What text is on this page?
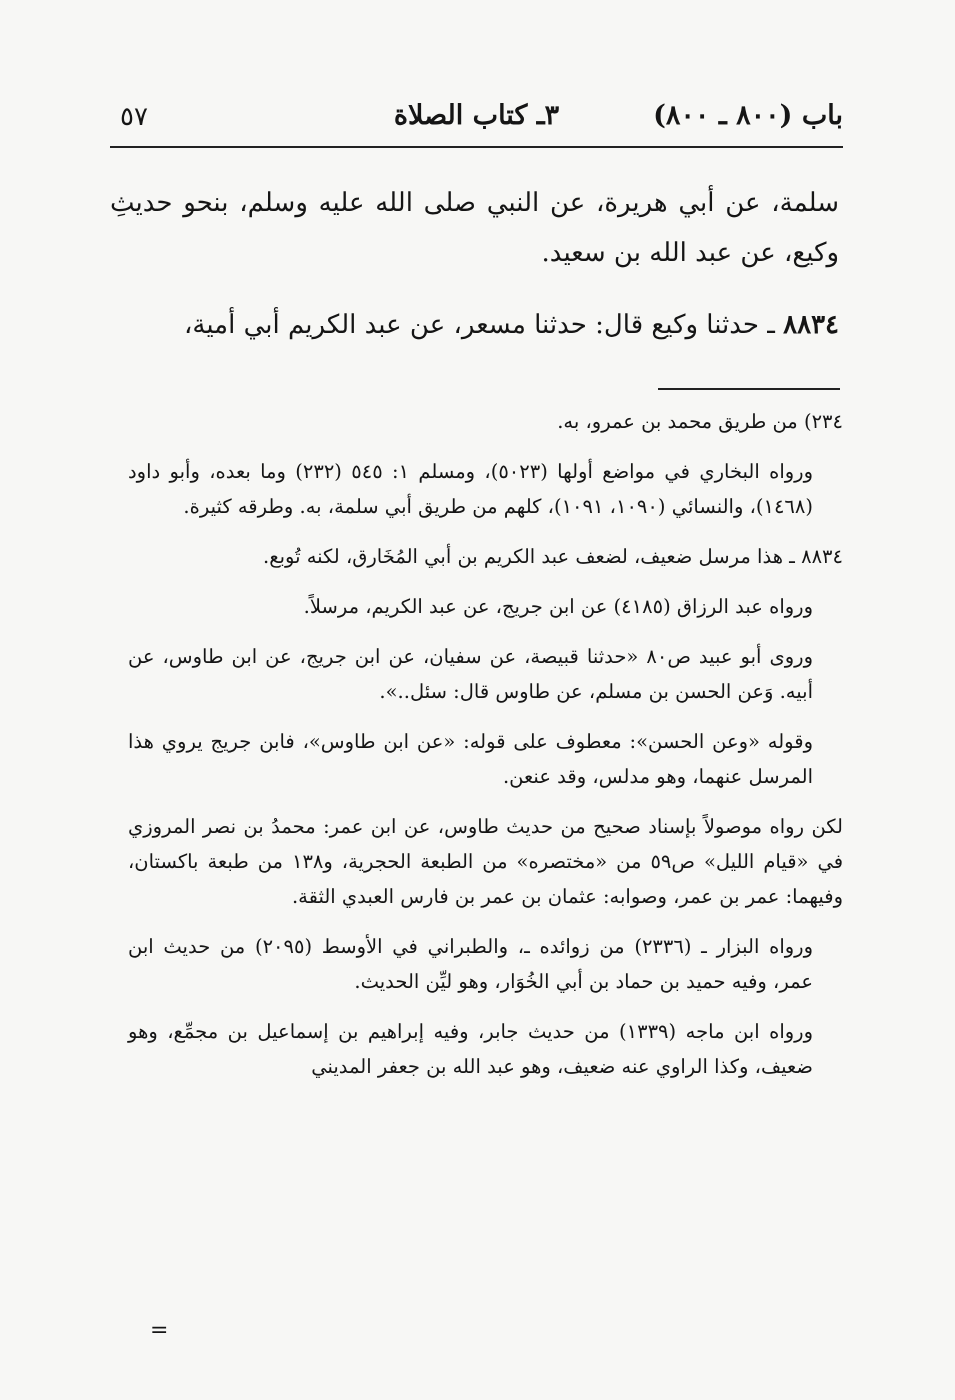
باب (٨٠٠ ـ ٨٠٠)
٣ـ كتاب الصلاة
٥٧

سلمة، عن أبي هريرة، عن النبي صلى الله عليه وسلم، بنحو حديثِ وكيع، عن عبد الله بن سعيد.

٨٨٣٤ ـ حدثنا وكيع قال: حدثنا مسعر، عن عبد الكريم أبي أمية،

٢٣٤) من طريق محمد بن عمرو، به.

ورواه البخاري في مواضع أولها (٥٠٢٣)، ومسلم ١: ٥٤٥ (٢٣٢) وما بعده، وأبو داود (١٤٦٨)، والنسائي (١٠٩٠، ١٠٩١)، كلهم من طريق أبي سلمة، به. وطرقه كثيرة.

٨٨٣٤ ـ هذا مرسل ضعيف، لضعف عبد الكريم بن أبي المُخَارق، لكنه تُوبع.

ورواه عبد الرزاق (٤١٨٥) عن ابن جريج، عن عبد الكريم، مرسلاً.

وروى أبو عبيد ص٨٠ «حدثنا قبيصة، عن سفيان، عن ابن جريج، عن ابن طاوس، عن أبيه. وَعن الحسن بن مسلم، عن طاوس قال: سئل..».

وقوله «وعن الحسن»: معطوف على قوله: «عن ابن طاوس»، فابن جريج يروي هذا المرسل عنهما، وهو مدلس، وقد عنعن.

لكن رواه موصولاً بإسناد صحيح من حديث طاوس، عن ابن عمر: محمدُ بن نصر المروزي في «قيام الليل» ص٥٩ من «مختصره» من الطبعة الحجرية، و١٣٨ من طبعة باكستان، وفيهما: عمر بن عمر، وصوابه: عثمان بن عمر بن فارس العبدي الثقة.

ورواه البزار ـ (٢٣٣٦) من زوائده ـ، والطبراني في الأوسط (٢٠٩٥) من حديث ابن عمر، وفيه حميد بن حماد بن أبي الخُوَار، وهو ليِّن الحديث.

ورواه ابن ماجه (١٣٣٩) من حديث جابر، وفيه إبراهيم بن إسماعيل بن مجمِّع، وهو ضعيف، وكذا الراوي عنه ضعيف، وهو عبد الله بن جعفر المديني

=
